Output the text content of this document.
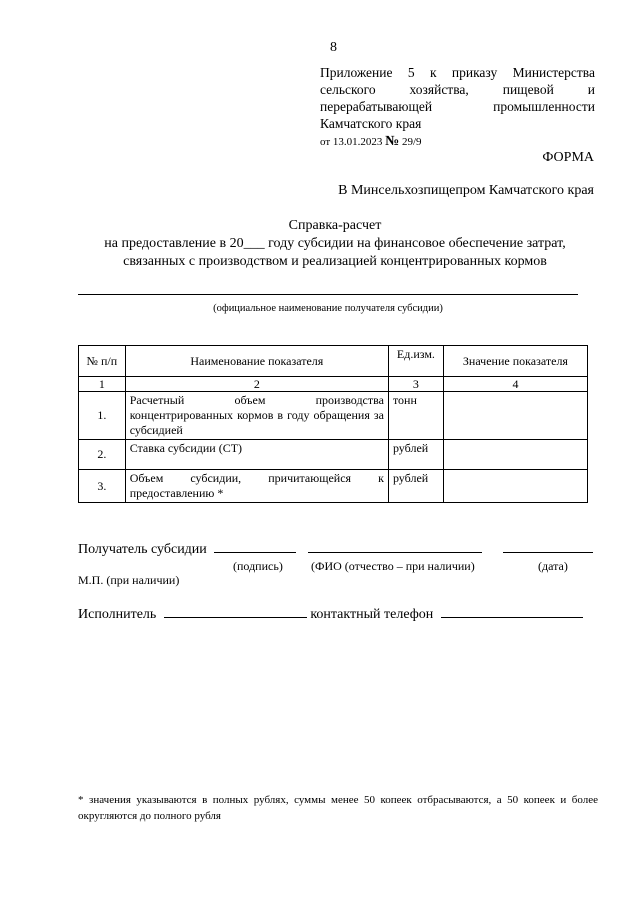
8
Приложение 5 к приказу Министерства
сельского хозяйства, пищевой и
перерабатывающей промышленности
Камчатского края
от 13.01.2023 № 29/9
ФОРМА
В Минсельхозпищепром Камчатского края
Справка-расчет
на предоставление в 20___ году субсидии на финансовое обеспечение затрат,
связанных с производством и реализацией концентрированных кормов
(официальное наименование получателя субсидии)
№ п/п	Наименование показателя	Ед.изм.	Значение показателя
1	2	3	4
1.	Расчетный объем производства
концентрированных кормов в году обращения за субсидией	тонн	
2.	Ставка субсидии (СТ)	рублей	
3.	Объем субсидии, причитающейся к
предоставлению *	рублей	
Получатель субсидии
(подпись) (ФИО (отчество – при наличии)	(дата)
М.П. (при наличии)
Исполнитель	контактный телефон
* значения указываются в полных рублях, суммы менее 50 копеек отбрасываются, а 50 копеек и более округляются до полного рубля
